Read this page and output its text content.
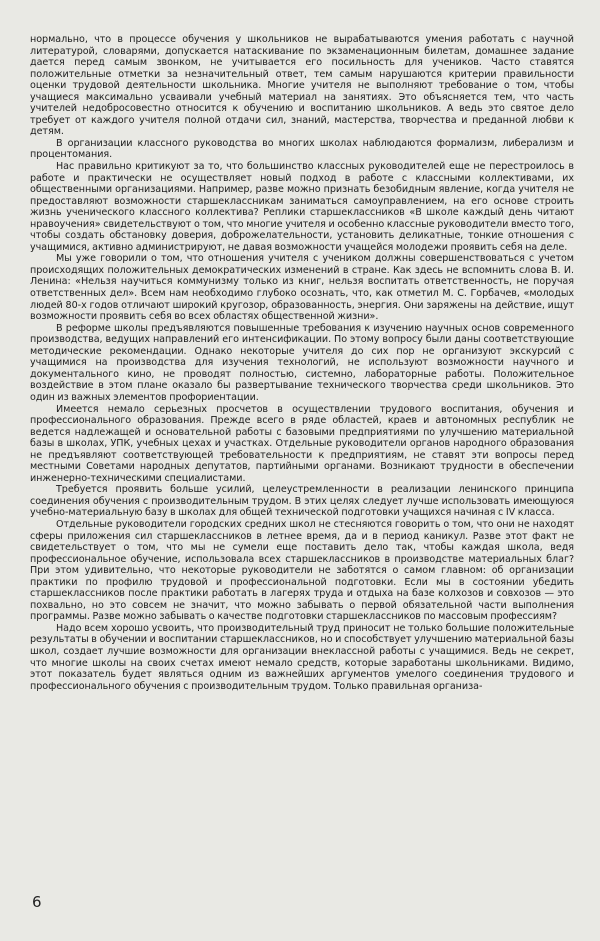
нормально, что в процессе обучения у школьников не вырабатываются умения работать с научной литературой, словарями, допускается натаскивание по экзаменационным билетам, домашнее задание дается перед самым звонком, не учитывается его посильность для учеников. Часто ставятся положительные отметки за незначительный ответ, тем самым нарушаются критерии правильности оценки трудовой деятельности школьника. Многие учителя не выполняют требование о том, чтобы учащиеся максимально усваивали учебный материал на занятиях. Это объясняется тем, что часть учителей недобросовестно относится к обучению и воспитанию школьников. А ведь это святое дело требует от каждого учителя полной отдачи сил, знаний, мастерства, творчества и преданной любви к детям.

В организации классного руководства во многих школах наблюдаются формализм, либерализм и процентомания.

Нас правильно критикуют за то, что большинство классных руководителей еще не перестроилось в работе и практически не осуществляет новый подход в работе с классными коллективами, их общественными организациями. Например, разве можно признать безобидным явление, когда учителя не предоставляют возможности старшеклассникам заниматься самоуправлением, на его основе строить жизнь ученического классного коллектива? Реплики старшеклассников «В школе каждый день читают нравоучения» свидетельствуют о том, что многие учителя и особенно классные руководители вместо того, чтобы создать обстановку доверия, доброжелательности, установить деликатные, тонкие отношения с учащимися, активно администрируют, не давая возможности учащейся молодежи проявить себя на деле.

Мы уже говорили о том, что отношения учителя с учеником должны совершенствоваться с учетом происходящих положительных демократических изменений в стране. Как здесь не вспомнить слова В. И. Ленина: «Нельзя научиться коммунизму только из книг, нельзя воспитать ответственность, не поручая ответственных дел». Всем нам необходимо глубоко осознать, что, как отметил М. С. Горбачев, «молодых людей 80-х годов отличают широкий кругозор, образованность, энергия. Они заряжены на действие, ищут возможности проявить себя во всех областях общественной жизни».

В реформе школы предъявляются повышенные требования к изучению научных основ современного производства, ведущих направлений его интенсификации. По этому вопросу были даны соответствующие методические рекомендации. Однако некоторые учителя до сих пор не организуют экскурсий с учащимися на производства для изучения технологий, не используют возможности научного и документального кино, не проводят полностью, системно, лабораторные работы. Положительное воздействие в этом плане оказало бы развертывание технического творчества среди школьников. Это один из важных элементов профориентации.

Имеется немало серьезных просчетов в осуществлении трудового воспитания, обучения и профессионального образования. Прежде всего в ряде областей, краев и автономных республик не ведется надлежащей и основательной работы с базовыми предприятиями по улучшению материальной базы в школах, УПК, учебных цехах и участках. Отдельные руководители органов народного образования не предъявляют соответствующей требовательности к предприятиям, не ставят эти вопросы перед местными Советами народных депутатов, партийными органами. Возникают трудности в обеспечении инженерно-техническими специалистами.

Требуется проявить больше усилий, целеустремленности в реализации ленинского принципа соединения обучения с производительным трудом. В этих целях следует лучше использовать имеющуюся учебно-материальную базу в школах для общей технической подготовки учащихся начиная с IV класса.

Отдельные руководители городских средних школ не стесняются говорить о том, что они не находят сферы приложения сил старшеклассников в летнее время, да и в период каникул. Разве этот факт не свидетельствует о том, что мы не сумели еще поставить дело так, чтобы каждая школа, ведя профессиональное обучение, использовала всех старшеклассников в производстве материальных благ? При этом удивительно, что некоторые руководители не заботятся о самом главном: об организации практики по профилю трудовой и профессиональной подготовки. Если мы в состоянии убедить старшеклассников после практики работать в лагерях труда и отдыха на базе колхозов и совхозов — это похвально, но это совсем не значит, что можно забывать о первой обязательной части выполнения программы. Разве можно забывать о качестве подготовки старшеклассников по массовым профессиям?

Надо всем хорошо усвоить, что производительный труд приносит не только большие положительные результаты в обучении и воспитании старшеклассников, но и способствует улучшению материальной базы школ, создает лучшие возможности для организации внеклассной работы с учащимися. Ведь не секрет, что многие школы на своих счетах имеют немало средств, которые заработаны школьниками. Видимо, этот показатель будет являться одним из важнейших аргументов умелого соединения трудового и профессионального обучения с производительным трудом. Только правильная организа-

6
